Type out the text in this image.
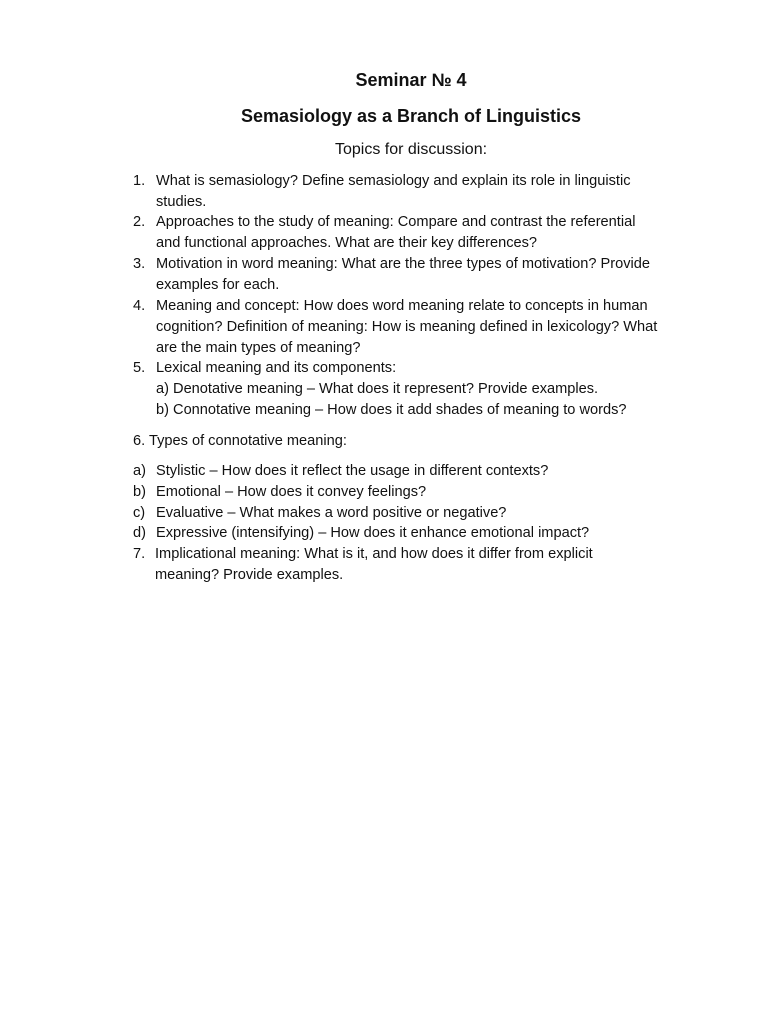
Seminar № 4
Semasiology as a Branch of Linguistics
Topics for discussion:
1. What is semasiology? Define semasiology and explain its role in linguistic
studies.
2. Approaches to the study of meaning: Compare and contrast the referential
and functional approaches. What are their key differences?
3. Motivation in word meaning: What are the three types of motivation? Provide
examples for each.
4. Meaning and concept: How does word meaning relate to concepts in human
cognition? Definition of meaning: How is meaning defined in lexicology? What
are the main types of meaning?
5. Lexical meaning and its components:
a) Denotative meaning – What does it represent? Provide examples.
b) Connotative meaning – How does it add shades of meaning to words?
6. Types of connotative meaning:
a) Stylistic – How does it reflect the usage in different contexts?
b) Emotional – How does it convey feelings?
c) Evaluative – What makes a word positive or negative?
d) Expressive (intensifying) – How does it enhance emotional impact?
7. Implicational meaning: What is it, and how does it differ from explicit
meaning? Provide examples.
